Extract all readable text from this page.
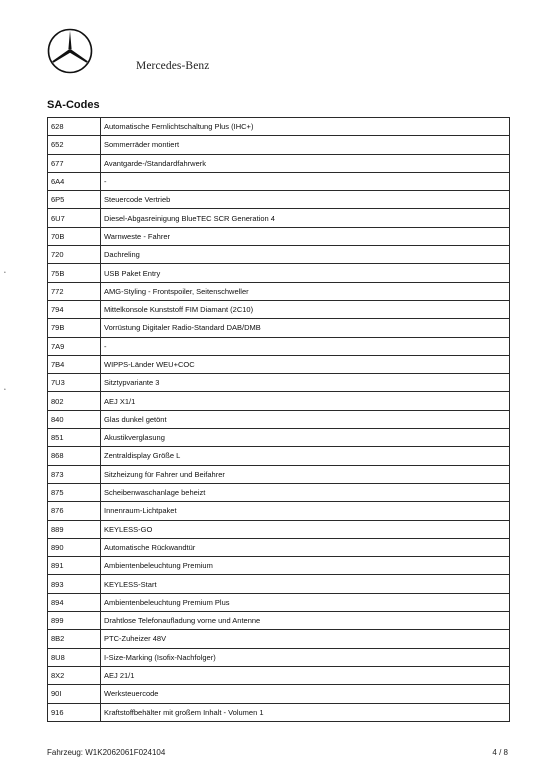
Mercedes-Benz
SA-Codes
628	Automatische Fernlichtschaltung Plus (IHC+)
652	Sommerräder montiert
677	Avantgarde-/Standardfahrwerk
6A4	-
6P5	Steuercode Vertrieb
6U7	Diesel-Abgasreinigung BlueTEC SCR Generation 4
70B	Warnweste - Fahrer
720	Dachreling
75B	USB Paket Entry
772	AMG-Styling - Frontspoiler, Seitenschweller
794	Mittelkonsole Kunststoff FIM Diamant (2C10)
79B	Vorrüstung Digitaler Radio-Standard DAB/DMB
7A9	-
7B4	WIPPS-Länder WEU+COC
7U3	Sitztypvariante 3
802	AEJ X1/1
840	Glas dunkel getönt
851	Akustikverglasung
868	Zentraldisplay Größe L
873	Sitzheizung für Fahrer und Beifahrer
875	Scheibenwaschanlage beheizt
876	Innenraum-Lichtpaket
889	KEYLESS-GO
890	Automatische Rückwandtür
891	Ambientenbeleuchtung Premium
893	KEYLESS-Start
894	Ambientenbeleuchtung Premium Plus
899	Drahtlose Telefonaufladung vorne und Antenne
8B2	PTC-Zuheizer 48V
8U8	I-Size-Marking (Isofix-Nachfolger)
8X2	AEJ 21/1
90I	Werksteuercode
916	Kraftstoffbehälter mit großem Inhalt - Volumen 1
•
•
Fahrzeug: W1K2062061F024104	4 / 8
